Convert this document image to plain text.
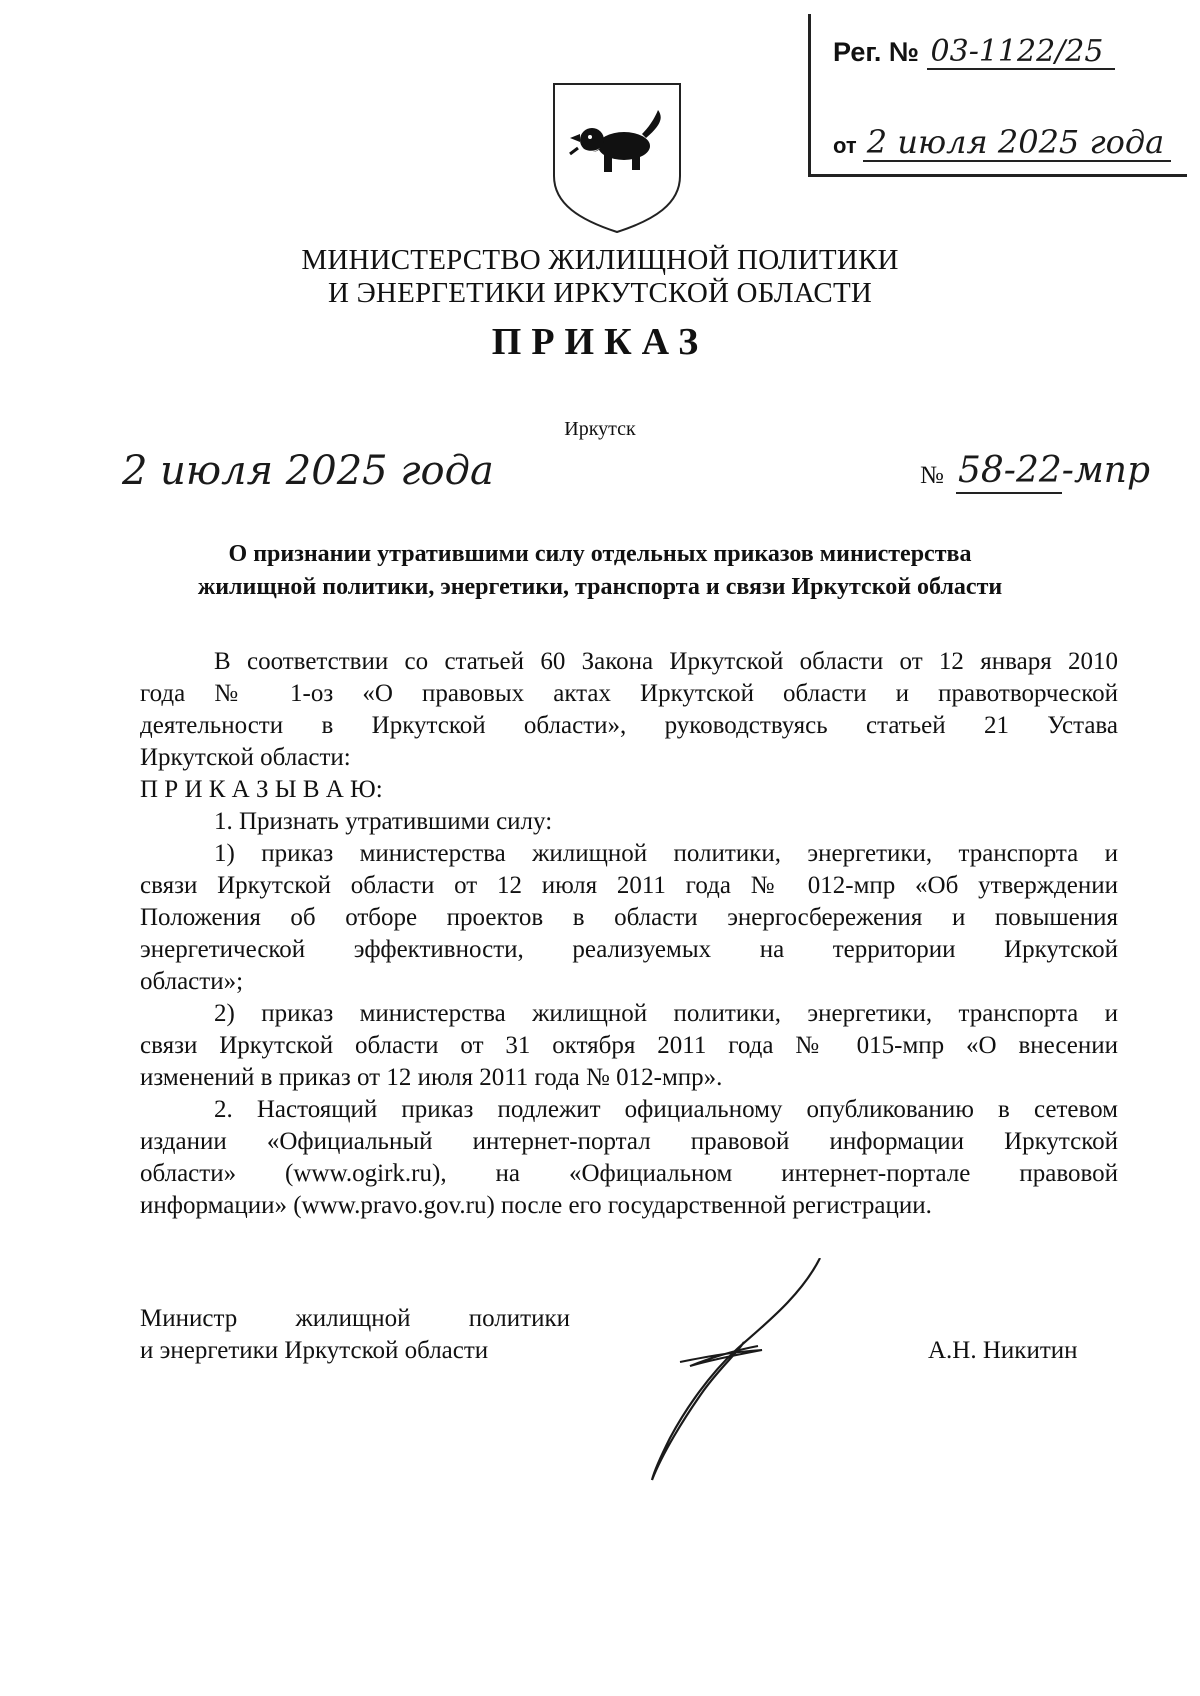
Рег. № 03-1122/25
от 2 июля 2025 года
МИНИСТЕРСТВО ЖИЛИЩНОЙ ПОЛИТИКИ
И ЭНЕРГЕТИКИ ИРКУТСКОЙ ОБЛАСТИ
ПРИКАЗ
Иркутск
2 июля 2025 года	№ 58-22-мпр
О признании утратившими силу отдельных приказов министерства
жилищной политики, энергетики, транспорта и связи Иркутской области
В соответствии со статьей 60 Закона Иркутской области от 12 января 2010
года № 1-оз «О правовых актах Иркутской области и правотворческой
деятельности в Иркутской области», руководствуясь статьей 21 Устава
Иркутской области:
П Р И К А З Ы В А Ю:
1. Признать утратившими силу:
1) приказ министерства жилищной политики, энергетики, транспорта и
связи Иркутской области от 12 июля 2011 года № 012-мпр «Об утверждении
Положения об отборе проектов в области энергосбережения и повышения
энергетической эффективности, реализуемых на территории Иркутской
области»;
2) приказ министерства жилищной политики, энергетики, транспорта и
связи Иркутской области от 31 октября 2011 года № 015-мпр «О внесении
изменений в приказ от 12 июля 2011 года № 012-мпр».
2. Настоящий приказ подлежит официальному опубликованию в сетевом
издании «Официальный интернет-портал правовой информации Иркутской
области» (www.ogirk.ru), на «Официальном интернет-портале правовой
информации» (www.pravo.gov.ru) после его государственной регистрации.
Министр жилищной политики
и энергетики Иркутской области	А.Н. Никитин
